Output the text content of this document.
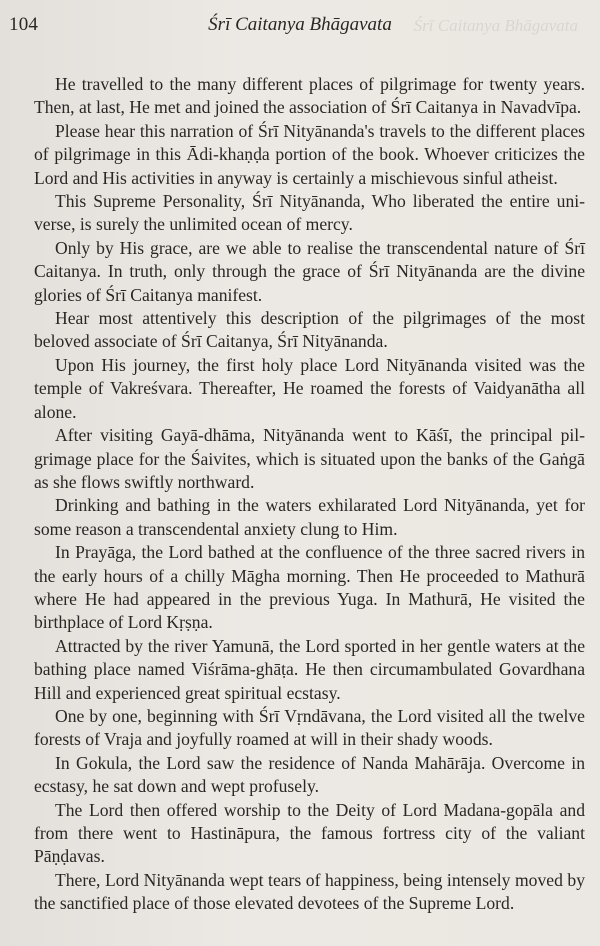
104	Śrī Caitanya Bhāgavata	Śrī Caitanya Bhāgavata

He travelled to the many different places of pilgrimage for twenty years. Then, at last, He met and joined the association of Śrī Caitanya in Navadvīpa.

Please hear this narration of Śrī Nityānanda's travels to the different places of pilgrimage in this Ādi-khaṇḍa portion of the book. Whoever criticizes the Lord and His activities in anyway is certainly a mischievous sinful atheist.

This Supreme Personality, Śrī Nityānanda, Who liberated the entire universe, is surely the unlimited ocean of mercy.

Only by His grace, are we able to realise the transcendental nature of Śrī Caitanya. In truth, only through the grace of Śrī Nityānanda are the divine glories of Śrī Caitanya manifest.

Hear most attentively this description of the pilgrimages of the most beloved associate of Śrī Caitanya, Śrī Nityānanda.

Upon His journey, the first holy place Lord Nityānanda visited was the temple of Vakreśvara. Thereafter, He roamed the forests of Vaidyanātha all alone.

After visiting Gayā-dhāma, Nityānanda went to Kāśī, the principal pilgrimage place for the Śaivites, which is situated upon the banks of the Gaṅgā as she flows swiftly northward.

Drinking and bathing in the waters exhilarated Lord Nityānanda, yet for some reason a transcendental anxiety clung to Him.

In Prayāga, the Lord bathed at the confluence of the three sacred rivers in the early hours of a chilly Māgha morning. Then He proceeded to Mathurā where He had appeared in the previous Yuga. In Mathurā, He visited the birthplace of Lord Kṛṣṇa.

Attracted by the river Yamunā, the Lord sported in her gentle waters at the bathing place named Viśrāma-ghāṭa. He then circumambulated Govardhana Hill and experienced great spiritual ecstasy.

One by one, beginning with Śrī Vṛndāvana, the Lord visited all the twelve forests of Vraja and joyfully roamed at will in their shady woods.

In Gokula, the Lord saw the residence of Nanda Mahārāja. Overcome in ecstasy, he sat down and wept profusely.

The Lord then offered worship to the Deity of Lord Madana-gopāla and from there went to Hastināpura, the famous fortress city of the valiant Pāṇḍavas.

There, Lord Nityānanda wept tears of happiness, being intensely moved by the sanctified place of those elevated devotees of the Supreme Lord.
